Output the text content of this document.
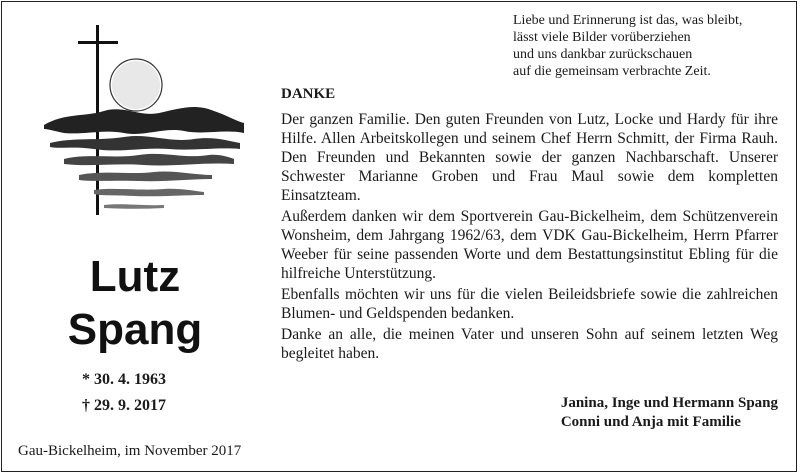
Liebe und Erinnerung ist das, was bleibt,
lässt viele Bilder vorüberziehen
und uns dankbar zurückschauen
auf die gemeinsam verbrachte Zeit.
Lutz
Spang
* 30. 4. 1963
† 29. 9. 2017
Gau-Bickelheim, im November 2017
DANKE
Der ganzen Familie. Den guten Freunden von Lutz, Locke und Hardy für ihre Hilfe. Allen Arbeitskollegen und seinem Chef Herrn Schmitt, der Firma Rauh. Den Freunden und Bekannten sowie der ganzen Nachbarschaft. Unserer Schwester Marianne Groben und Frau Maul sowie dem kompletten Einsatzteam.
Außerdem danken wir dem Sportverein Gau-Bickelheim, dem Schützenverein Wonsheim, dem Jahrgang 1962/63, dem VDK Gau-Bickelheim, Herrn Pfarrer Weeber für seine passenden Worte und dem Bestattungsinstitut Ebling für die hilfreiche Unterstützung.
Ebenfalls möchten wir uns für die vielen Beileidsbriefe sowie die zahlreichen Blumen- und Geldspenden bedanken.
Danke an alle, die meinen Vater und unseren Sohn auf seinem letzten Weg begleitet haben.
Janina, Inge und Hermann Spang
Conni und Anja mit Familie
